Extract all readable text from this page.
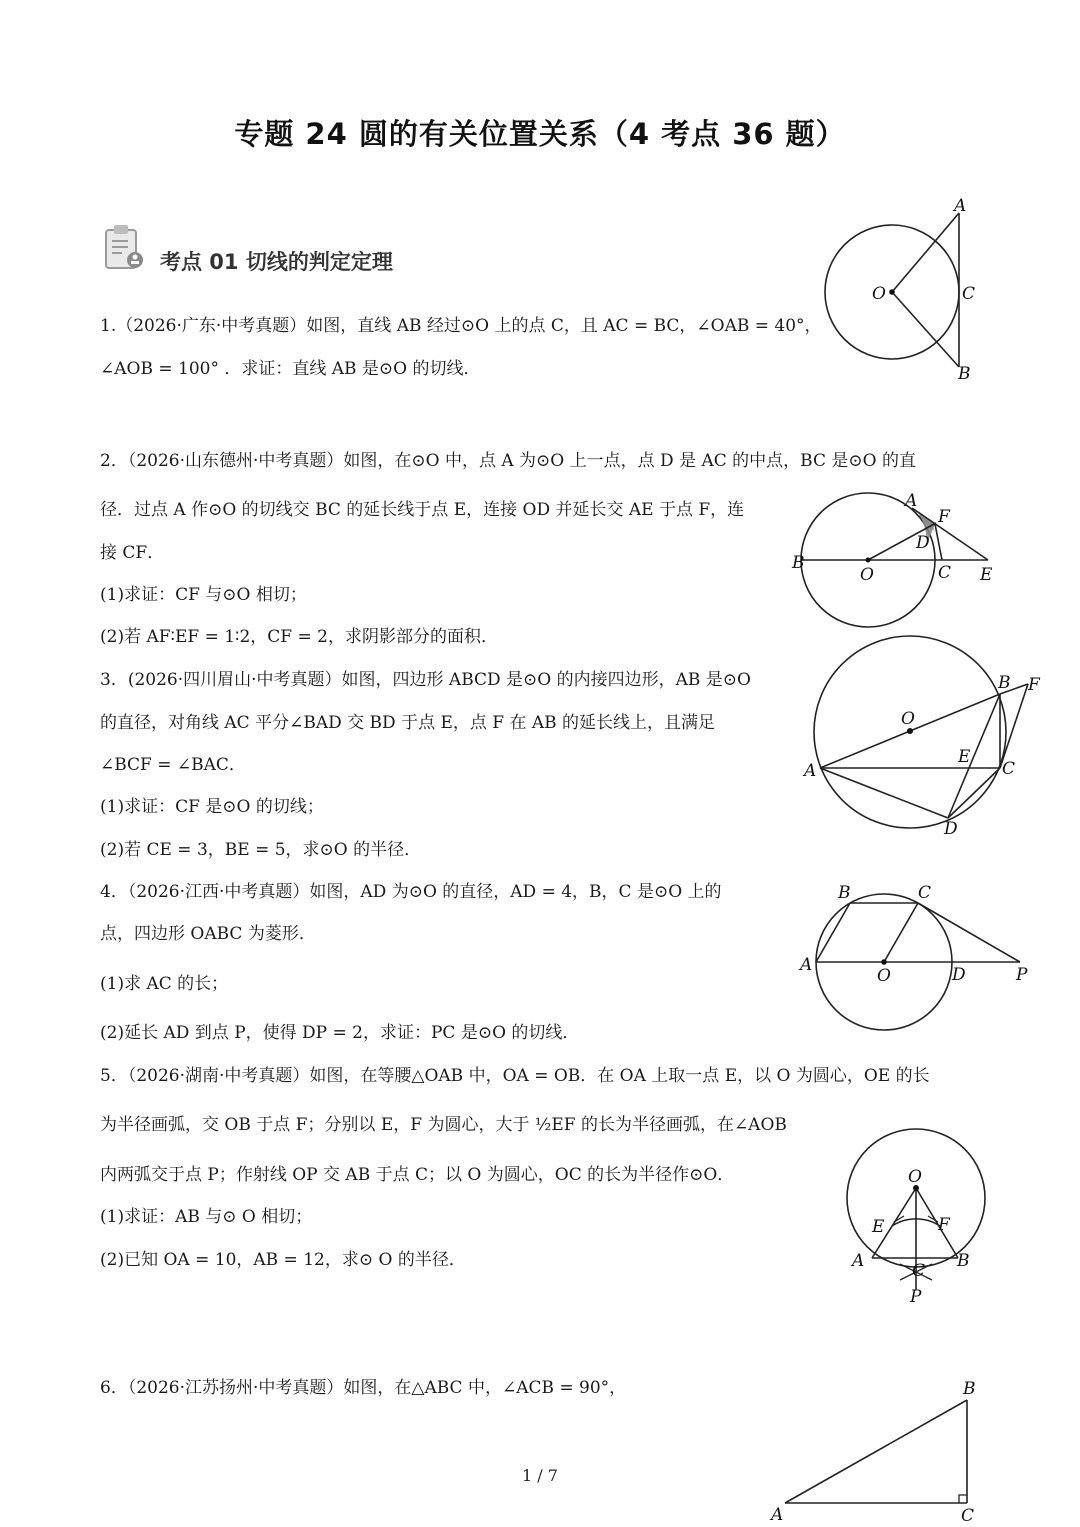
专题 24 圆的有关位置关系（4 考点 36 题）
考点 01 切线的判定定理
1.（2026·广东·中考真题）如图，直线 AB 经过⊙O 上的点 C，且 AC = BC，∠OAB = 40°，
∠AOB = 100° ．求证：直线 AB 是⊙O 的切线．
2．（2026·山东德州·中考真题）如图，在⊙O 中，点 A 为⊙O 上一点，点 D 是 AC 的中点，BC 是⊙O 的直
径．过点 A 作⊙O 的切线交 BC 的延长线于点 E，连接 OD 并延长交 AE 于点 F，连
接 CF．
(1)求证：CF 与⊙O 相切；
(2)若 AF∶EF = 1∶2，CF = 2，求阴影部分的面积．
3．(2026·四川眉山·中考真题）如图，四边形 ABCD 是⊙O 的内接四边形，AB 是⊙O
的直径，对角线 AC 平分∠BAD 交 BD 于点 E，点 F 在 AB 的延长线上，且满足
∠BCF = ∠BAC．
(1)求证：CF 是⊙O 的切线；
(2)若 CE = 3，BE = 5，求⊙O 的半径．
4．（2026·江西·中考真题）如图，AD 为⊙O 的直径，AD = 4，B，C 是⊙O 上的
点，四边形 OABC 为菱形．
(1)求 AC 的长；
(2)延长 AD 到点 P，使得 DP = 2，求证：PC 是⊙O 的切线．
5．（2026·湖南·中考真题）如图，在等腰△OAB 中，OA = OB．在 OA 上取一点 E，以 O 为圆心，OE 的长
为半径画弧，交 OB 于点 F；分别以 E，F 为圆心，大于 ½EF 的长为半径画弧，在∠AOB
内两弧交于点 P；作射线 OP 交 AB 于点 C；以 O 为圆心，OC 的长为半径作⊙O．
(1)求证：AB 与⊙ O 相切；
(2)已知 OA = 10，AB = 12，求⊙ O 的半径．
6．（2026·江苏扬州·中考真题）如图，在△ABC 中，∠ACB = 90°，
A
O	C
B
A
F
D
B
O	C E
B F
O
E
A	C
D
B	C
A
O	D	P
O
E	F
A	B
C
P
B
A	C
1 / 7
